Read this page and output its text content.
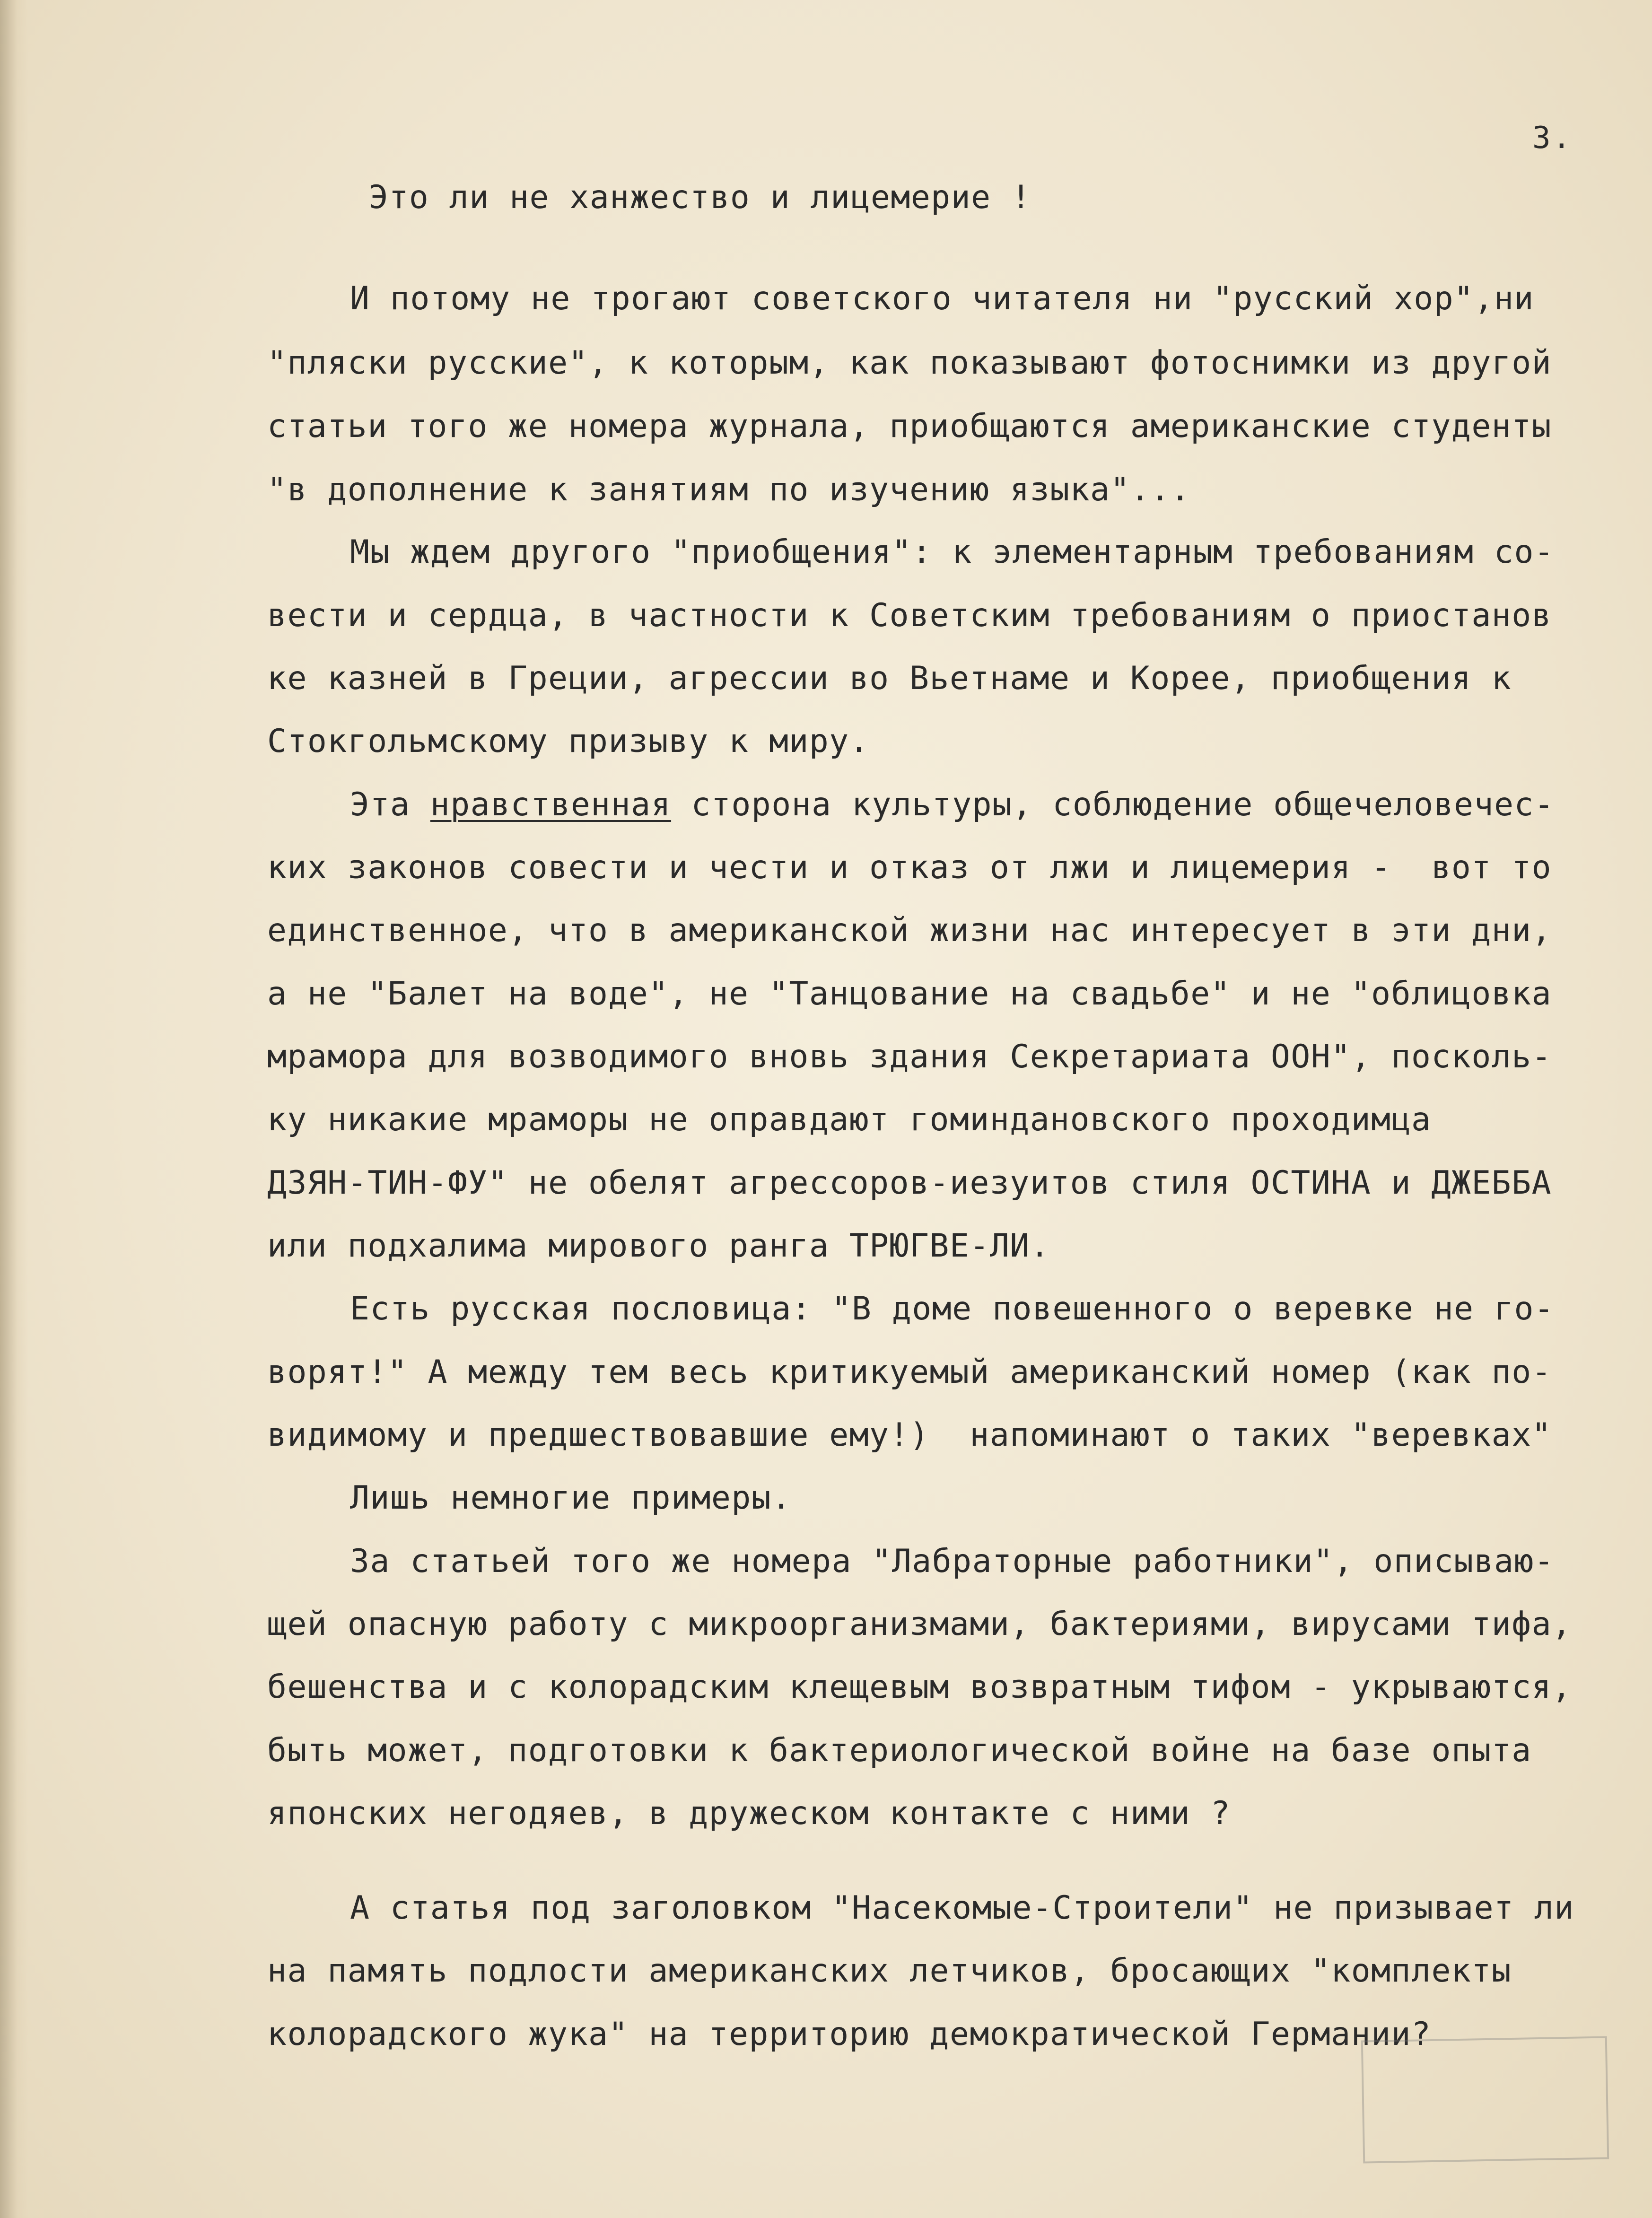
3.
Это ли не ханжество и лицемерие !
И потому не трогают советского читателя ни "русский хор",ни
"пляски русские", к которым, как показывают фотоснимки из другой
статьи того же номера журнала, приобщаются американские студенты
"в дополнение к занятиям по изучению языка"...
Мы ждем другого "приобщения": к элементарным требованиям со-
вести и сердца, в частности к Советским требованиям о приостанов
ке казней в Греции, агрессии во Вьетнаме и Корее, приобщения к
Стокгольмскому призыву к миру.
Эта нравственная сторона культуры, соблюдение общечеловечес-
ких законов совести и чести и отказ от лжи и лицемерия -  вот то
единственное, что в американской жизни нас интересует в эти дни,
а не "Балет на воде", не "Танцование на свадьбе" и не "облицовка
мрамора для возводимого вновь здания Секретариата ООН", посколь-
ку никакие мраморы не оправдают гоминдановского проходимца
ДЗЯН-ТИН-ФУ" не обелят агрессоров-иезуитов стиля ОСТИНА и ДЖЕББА
или подхалима мирового ранга ТРЮГВЕ-ЛИ.
Есть русская пословица: "В доме повешенного о веревке не го-
ворят!" А между тем весь критикуемый американский номер (как по-
видимому и предшествовавшие ему!)  напоминают о таких "веревках"
Лишь немногие примеры.
За статьей того же номера "Лабраторные работники", описываю-
щей опасную работу с микроорганизмами, бактериями, вирусами тифа,
бешенства и с колорадским клещевым возвратным тифом - укрываются,
быть может, подготовки к бактериологической войне на базе опыта
японских негодяев, в дружеском контакте с ними ?
А статья под заголовком "Насекомые-Строители" не призывает ли
на память подлости американских летчиков, бросающих "комплекты
колорадского жука" на территорию демократической Германии?
